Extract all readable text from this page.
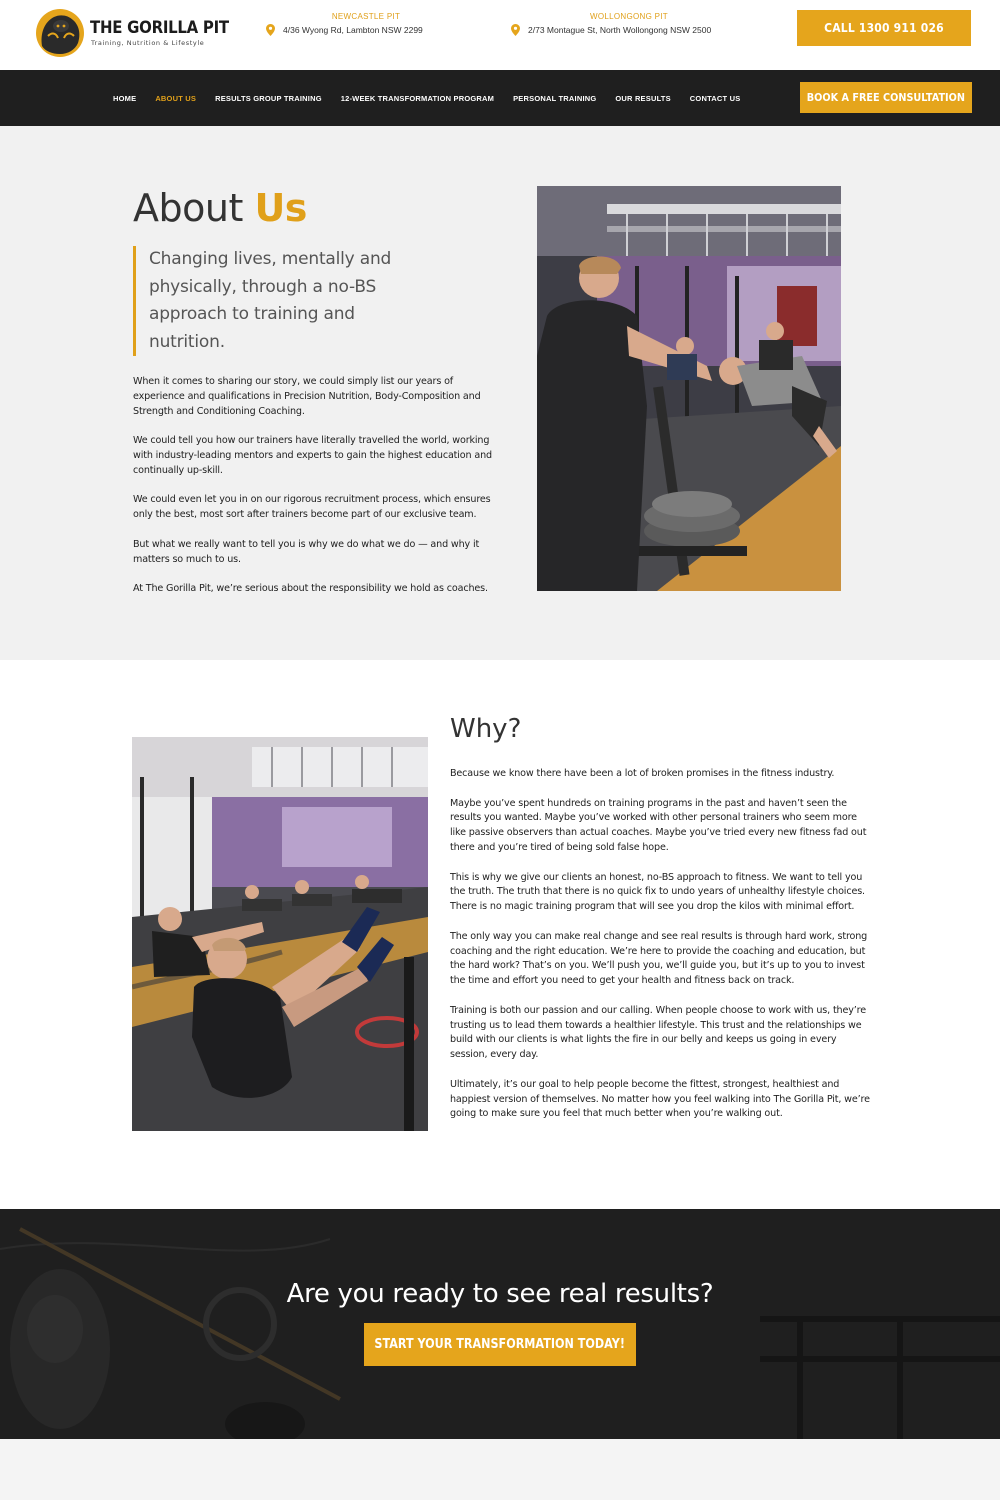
THE GORILLA PIT
Training, Nutrition & Lifestyle
NEWCASTLE PIT
4/36 Wyong Rd, Lambton NSW 2299
WOLLONGONG PIT
2/73 Montague St, North Wollongong NSW 2500	CALL 1300 911 026
HOME	ABOUT US	RESULTS GROUP TRAINING	12-WEEK TRANSFORMATION PROGRAM	PERSONAL TRAINING	OUR RESULTS	CONTACT US	BOOK A FREE CONSULTATION
About Us
Changing lives, mentally and physically, through a no-BS approach to training and nutrition.

When it comes to sharing our story, we could simply list our years of experience and qualifications in Precision Nutrition, Body-Composition and Strength and Conditioning Coaching.

We could tell you how our trainers have literally travelled the world, working with industry-leading mentors and experts to gain the highest education and continually up-skill.

We could even let you in on our rigorous recruitment process, which ensures only the best, most sort after trainers become part of our exclusive team.

But what we really want to tell you is why we do what we do — and why it matters so much to us.

At The Gorilla Pit, we’re serious about the responsibility we hold as coaches.

Why?

Because we know there have been a lot of broken promises in the fitness industry.

Maybe you’ve spent hundreds on training programs in the past and haven’t seen the results you wanted. Maybe you’ve worked with other personal trainers who seem more like passive observers than actual coaches. Maybe you’ve tried every new fitness fad out there and you’re tired of being sold false hope.

This is why we give our clients an honest, no-BS approach to fitness. We want to tell you the truth. The truth that there is no quick fix to undo years of unhealthy lifestyle choices. There is no magic training program that will see you drop the kilos with minimal effort.

The only way you can make real change and see real results is through hard work, strong coaching and the right education. We’re here to provide the coaching and education, but the hard work? That’s on you. We’ll push you, we’ll guide you, but it’s up to you to invest the time and effort you need to get your health and fitness back on track.

Training is both our passion and our calling. When people choose to work with us, they’re trusting us to lead them towards a healthier lifestyle. This trust and the relationships we build with our clients is what lights the fire in our belly and keeps us going in every session, every day.

Ultimately, it’s our goal to help people become the fittest, strongest, healthiest and happiest version of themselves. No matter how you feel walking into The Gorilla Pit, we’re going to make sure you feel that much better when you’re walking out.

Are you ready to see real results?
START YOUR TRANSFORMATION TODAY!
